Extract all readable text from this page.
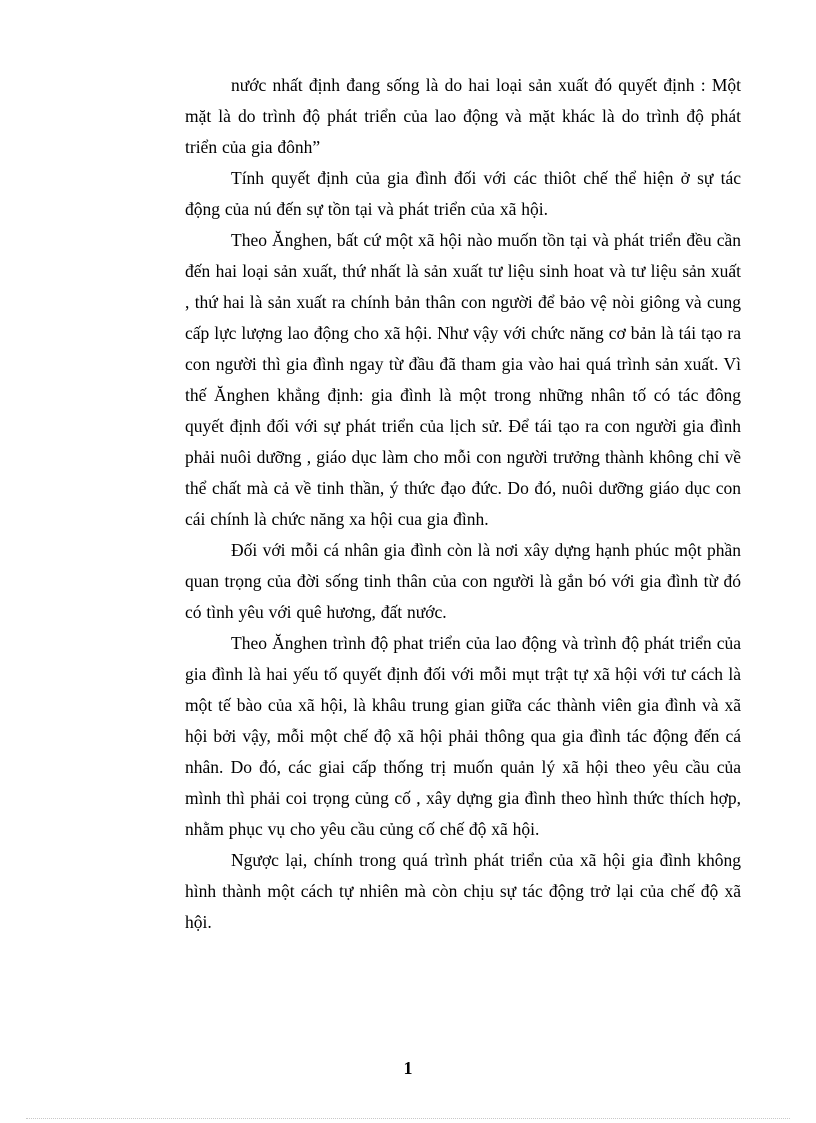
nước nhất định đang sống là do hai loại sản xuất đó quyết định : Một mặt là do trình độ phát triển của lao động và mặt khác là do trình độ phát triển của gia đônh”

Tính quyết định của gia đình đối với các thiôt chế thể hiện ở sự tác động của nú đến sự tồn tại và phát triển của xã hội.

Theo Ănghen, bất cứ một xã hội nào muốn tồn tại và phát triển đều cần đến hai loại sản xuất, thứ nhất là sản xuất tư liệu sinh hoat và tư liệu sản xuất , thứ hai là sản xuất ra chính bản thân con người để bảo vệ nòi giông và cung cấp lực lượng lao động cho xã hội. Như vậy với chức năng cơ bản là tái tạo ra con người thì gia đình ngay từ đầu đã tham gia vào hai quá trình sản xuất. Vì thế Ănghen khẳng định: gia đình là một trong những nhân tố có tác đông quyết định đối với sự phát triển của lịch sử. Để tái tạo ra con người gia đình phải nuôi dưỡng , giáo dục làm cho mỗi con người trưởng thành không chỉ về thể chất mà cả về tinh thần, ý thức đạo đức. Do đó, nuôi dưỡng giáo dục con cái chính là chức năng xa hội cua gia đình.

Đối với mỗi cá nhân gia đình còn là nơi xây dựng hạnh phúc một phần quan trọng của đời sống tinh thân của con người là gắn bó với gia đình từ đó có tình yêu với quê hương, đất nước.

Theo Ănghen trình độ phat triển của lao động và trình độ phát triển của gia đình là hai yếu tố quyết định đối với mỗi mụt trật tự xã hội với tư cách là một tế bào của xã hội, là khâu trung gian giữa các thành viên gia đình và xã hội bởi vậy, mỗi một chế độ xã hội phải thông qua gia đình tác động đến cá nhân. Do đó, các giai cấp thống trị muốn quản lý xã hội theo yêu cầu của mình thì phải coi trọng củng cố , xây dựng gia đình theo hình thức thích hợp, nhằm phục vụ cho yêu cầu củng cố chế độ xã hội.

Ngược lại, chính trong quá trình phát triển của xã hội gia đình không hình thành một cách tự nhiên mà còn chịu sự tác động trở lại của chế độ xã hội.

1
